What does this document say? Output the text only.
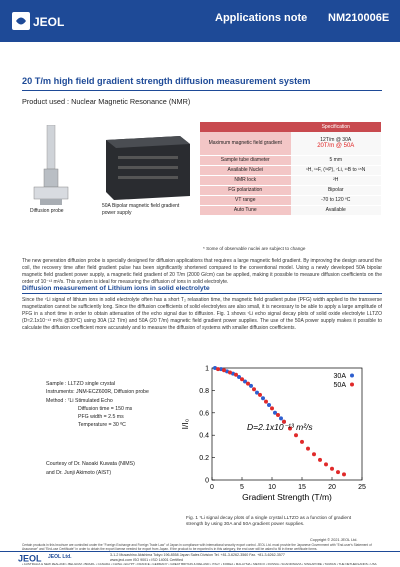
JEOL	Applications note NM210006E
20 T/m high field gradient strength diffusion measurement system
Product used : Nuclear Magnetic Resonance (NMR)
Diffusion probe
50A Bipolar magnetic field gradient power supply
	Specification
Maximum magnetic field gradient	12T/m @ 30A
20T/m @ 50A

Sample tube diameter	5 mm
Available Nuclei	¹H, ¹⁹F, (³¹P), ⁷Li, ¹¹B to ¹⁵N
NMR lock	²H
FG polarization	Bipolar
VT range	-70 to 120 ºC
Auto Tune	Available
* Some of observable nuclei are subject to change
The new generation diffusion probe is specially designed for diffusion applications that requires a large magnetic field gradient. By improving the design around the coil, the recovery time after field gradient pulse has been significantly shortened compared to the conventional model. Using a newly developed 50A bipolar magnetic field gradient power supply, a magnetic field gradient of 20 T/m (2000 G/cm) can be applied, making it possible to measure diffusion coefficients on the order of 10⁻¹³ m²/s. This system is ideal for measuring the diffusion of ions in solid electrolyte.
Diffusion measurement of Lithium ions in solid electrolyte
Since the ⁷Li signal of lithium ions in solid electrolyte often has a short T₂ relaxation time, the magnetic field gradient pulse (PFG) width applied to the transverse magnetization cannot be sufficiently long. Since the diffusion coefficients of solid electrolytes are also small, it is necessary to be able to apply a large amplitude of PFG in a short time in order to obtain attenuation of the echo signal due to diffusion. Fig. 1 shows ⁷Li echo signal decay plots of solid oxide electrolyte LLTZO (D≈2.1x10⁻¹³ m²/s @30ºC) using 30A (12 T/m) and 50A (20 T/m) magnetic field gradient power supplies. The use of the 50A power supply makes it possible to calculate the diffusion coefficient more accurately and to measure the diffusion of systems with smaller diffusion coefficients.
Sample : LLTZO single crystal
Instruments: JNM-ECZ600R, Diffusion probe
Method : ⁷Li Stimulated Echo
Diffusion time = 150 ms
PFG width = 2.5 ms
Temperature = 30 ºC
Courtesy of Dr. Naoaki Kuwata (NIMS)
and Dr. Junji Akimoto (AIST)
0	5	10	15	20	25
0
0.2
0.4
0.6
0.8
1
Gradient Strength (T/m)
I/I₀
30A
50A
D=2.1x10⁻¹³ m²/s
Fig. 1 ⁷Li signal decay plots of a single crystal LLTZO as a function of gradient strength by using 30A and 50A gradient power supplies.
Copyright © 2021 JEOL Ltd.
Certain products in this brochure are controlled under the "Foreign Exchange and Foreign Trade Law" of Japan in compliance with international security export control. JEOL Ltd. must provide the Japanese Government with "End-user's Statement of Assurance" and "End-use Certificate" in order to obtain the export license needed for export from Japan. If the product to be exported is in this category, the end user will be asked to fill in these certificate forms.
JEOL JEOL Ltd.	3-1-2 Musashino Akishima Tokyo 196-8558 Japan Sales Division Tel. +81-3-6262-3560 Fax. +81-3-6262-3577
www.jeol.com ISO 9001 • ISO 14001 Certified
• AUSTRALIA & NEW ZEALAND • BELGIUM • BRAZIL • CANADA • CHINA • EGYPT • FRANCE • GERMANY • GREAT BRITAIN & IRELAND • ITALY • KOREA • MALAYSIA • MEXICO • RUSSIA • SCANDINAVIA • SINGAPORE • TAIWAN • THE NETHERLANDS • USA
